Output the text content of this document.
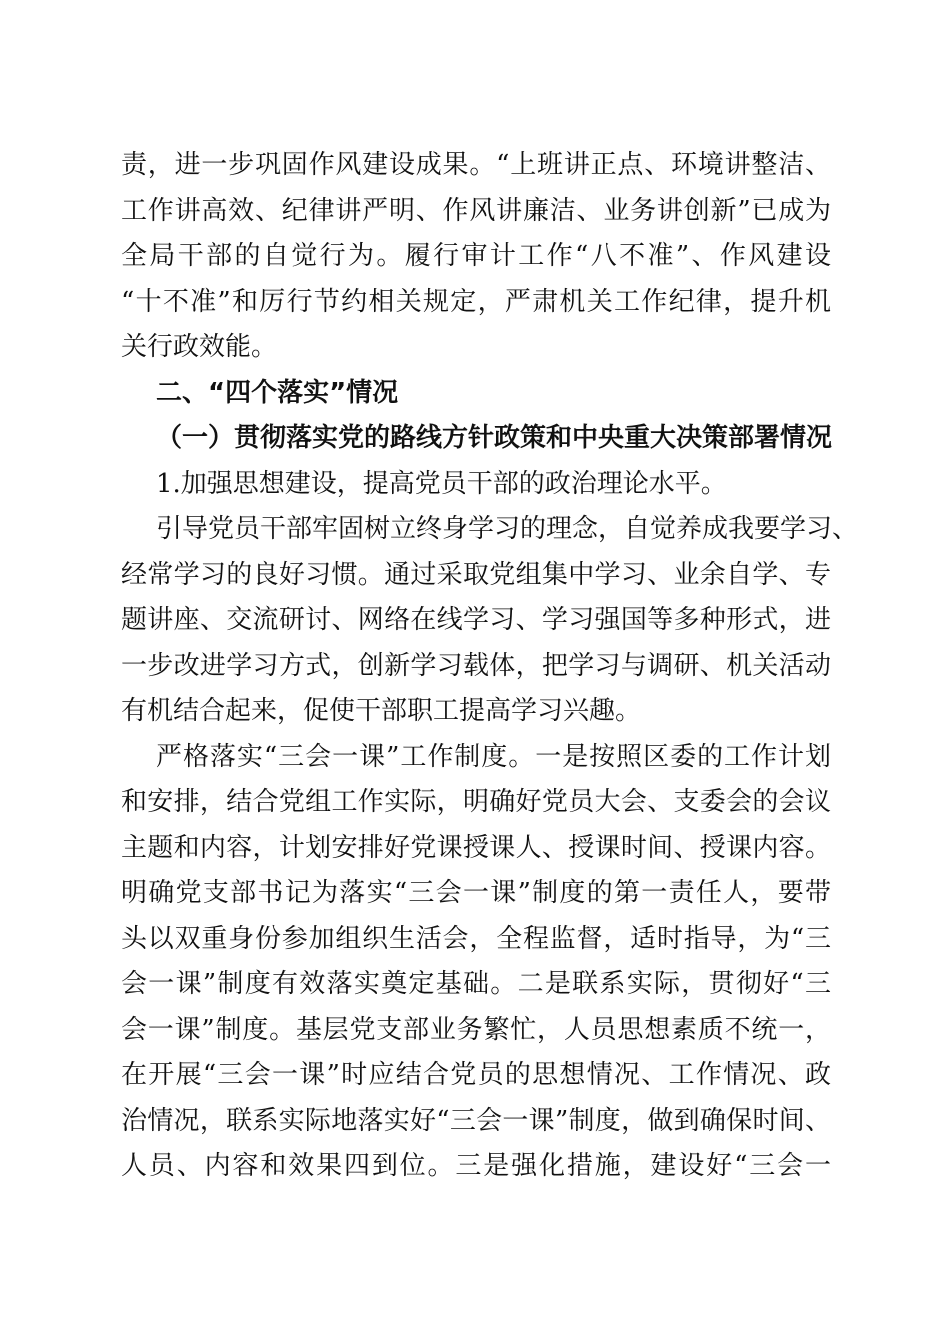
责，进一步巩固作风建设成果。“上班讲正点、环境讲整洁、
工作讲高效、纪律讲严明、作风讲廉洁、业务讲创新”已成为
全局干部的自觉行为。履行审计工作“八不准”、作风建设
“十不准”和厉行节约相关规定，严肃机关工作纪律，提升机
关行政效能。
二、“四个落实”情况
（一）贯彻落实党的路线方针政策和中央重大决策部署情况
1.加强思想建设，提高党员干部的政治理论水平。
引导党员干部牢固树立终身学习的理念，自觉养成我要学习、
经常学习的良好习惯。通过采取党组集中学习、业余自学、专
题讲座、交流研讨、网络在线学习、学习强国等多种形式，进
一步改进学习方式，创新学习载体，把学习与调研、机关活动
有机结合起来，促使干部职工提高学习兴趣。
严格落实“三会一课”工作制度。一是按照区委的工作计划
和安排，结合党组工作实际，明确好党员大会、支委会的会议
主题和内容，计划安排好党课授课人、授课时间、授课内容。
明确党支部书记为落实“三会一课”制度的第一责任人，要带
头以双重身份参加组织生活会，全程监督，适时指导，为“三
会一课”制度有效落实奠定基础。二是联系实际，贯彻好“三
会一课”制度。基层党支部业务繁忙，人员思想素质不统一，
在开展“三会一课”时应结合党员的思想情况、工作情况、政
治情况，联系实际地落实好“三会一课”制度，做到确保时间、
人员、内容和效果四到位。三是强化措施，建设好“三会一
